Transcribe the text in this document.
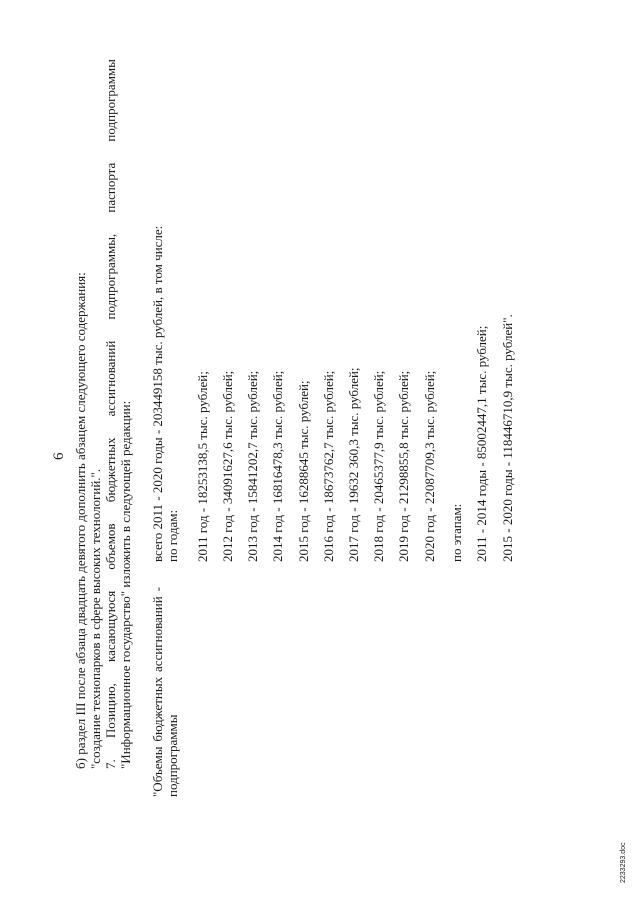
6 б) раздел III после абзаца двадцать девятого дополнить абзацем следующего содержания: "создание технопарков в сфере высоких технологий.". 7.
Позицию,
касающуюся
объемов
бюджетных
ассигнований
подпрограммы,
паспорта
подпрограммы
"Информационное государство" изложить в следующей редакции:
"Объемы
бюджетных
ассигнований
-
подпрограммы
всего 2011 - 2020 годы - 203449158 тыс. рублей, в том числе: по годам: 2011 год - 18253138,5 тыс. рублей; 2012 год - 34091627,6 тыс. рублей; 2013 год - 15841202,7 тыс. рублей; 2014 год - 16816478,3 тыс. рублей; 2015 год - 16288645 тыс. рублей; 2016 год - 18673762,7 тыс. рублей; 2017 год - 19632 360,3 тыс. рублей; 2018 год - 20465377,9 тыс. рублей; 2019 год - 21298855,8 тыс. рублей; 2020 год - 22087709,3 тыс. рублей; по этапам: 2011 - 2014 годы - 85002447,1 тыс. рублей; 2015 - 2020 годы - 118446710,9 тыс. рублей".
2233293.doc
